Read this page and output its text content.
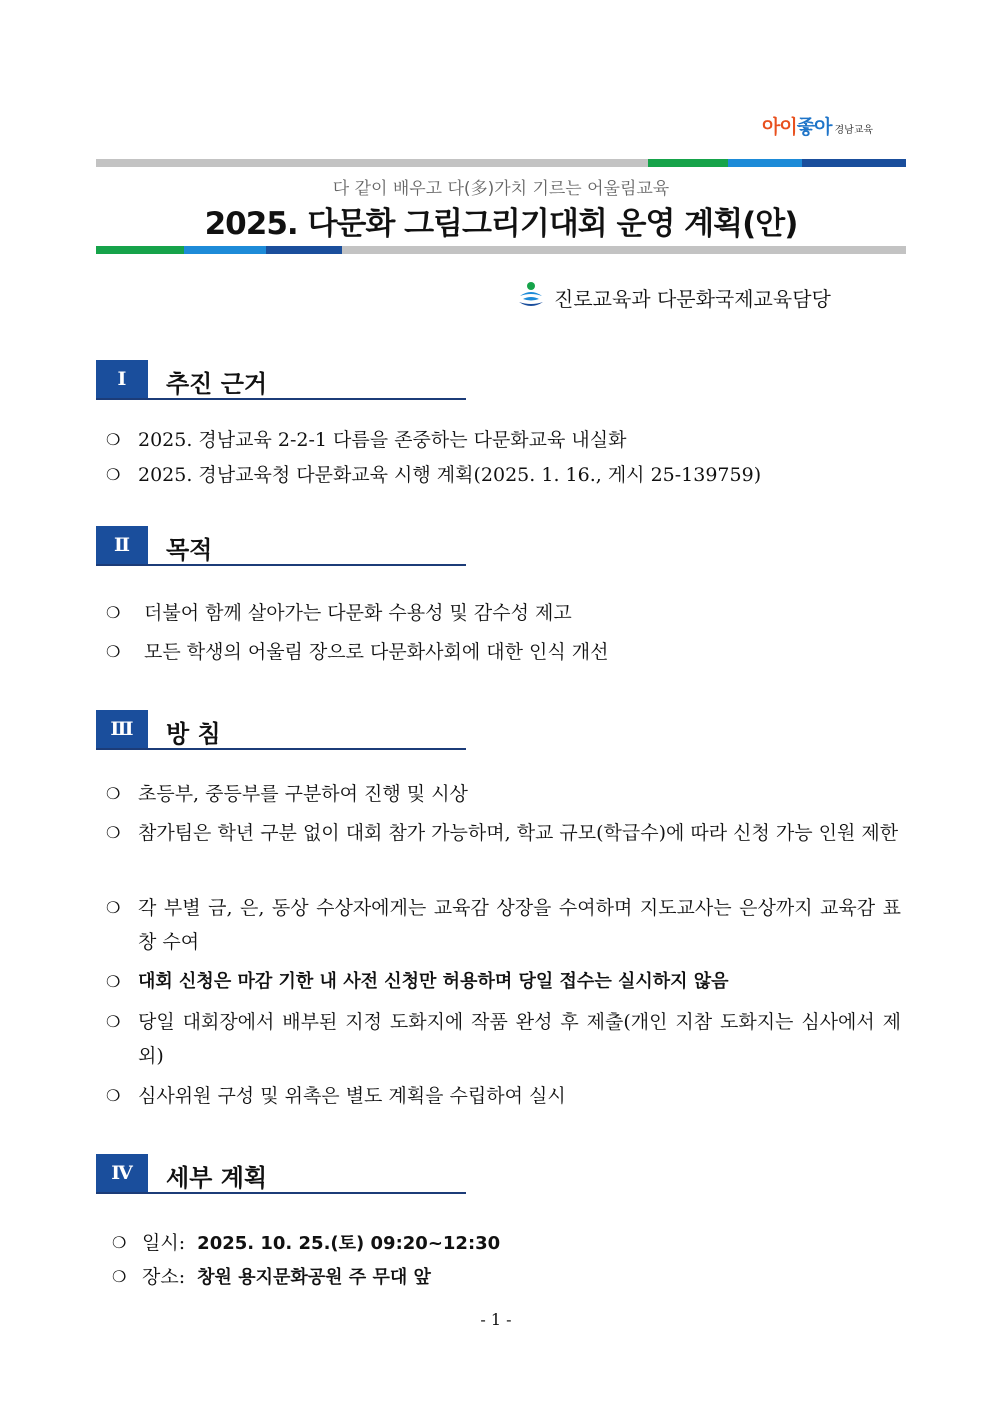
아이좋아 경남교육
다 같이 배우고 다(多)가치 기르는 어울림교육
2025. 다문화 그림그리기대회 운영 계획(안)
진로교육과 다문화국제교육담당
Ⅰ	추진 근거
❍ 2025. 경남교육 2-2-1 다름을 존중하는 다문화교육 내실화
❍ 2025. 경남교육청 다문화교육 시행 계획(2025. 1. 16., 게시 25-139759)
Ⅱ	목적
❍ 더불어 함께 살아가는 다문화 수용성 및 감수성 제고
❍ 모든 학생의 어울림 장으로 다문화사회에 대한 인식 개선
Ⅲ	방 침
❍ 초등부, 중등부를 구분하여 진행 및 시상
❍ 참가팀은 학년 구분 없이 대회 참가 가능하며, 학교 규모(학급수)에 따라 신청 가능 인원 제한
❍ 각 부별 금, 은, 동상 수상자에게는 교육감 상장을 수여하며 지도교사는 은상까지 교육감 표창 수여
❍ 대회 신청은 마감 기한 내 사전 신청만 허용하며 당일 접수는 실시하지 않음
❍ 당일 대회장에서 배부된 지정 도화지에 작품 완성 후 제출(개인 지참 도화지는 심사에서 제외)
❍ 심사위원 구성 및 위촉은 별도 계획을 수립하여 실시
Ⅳ	세부 계획
❍ 일시: 2025. 10. 25.(토) 09:20~12:30
❍ 장소: 창원 용지문화공원 주 무대 앞
- 1 -
